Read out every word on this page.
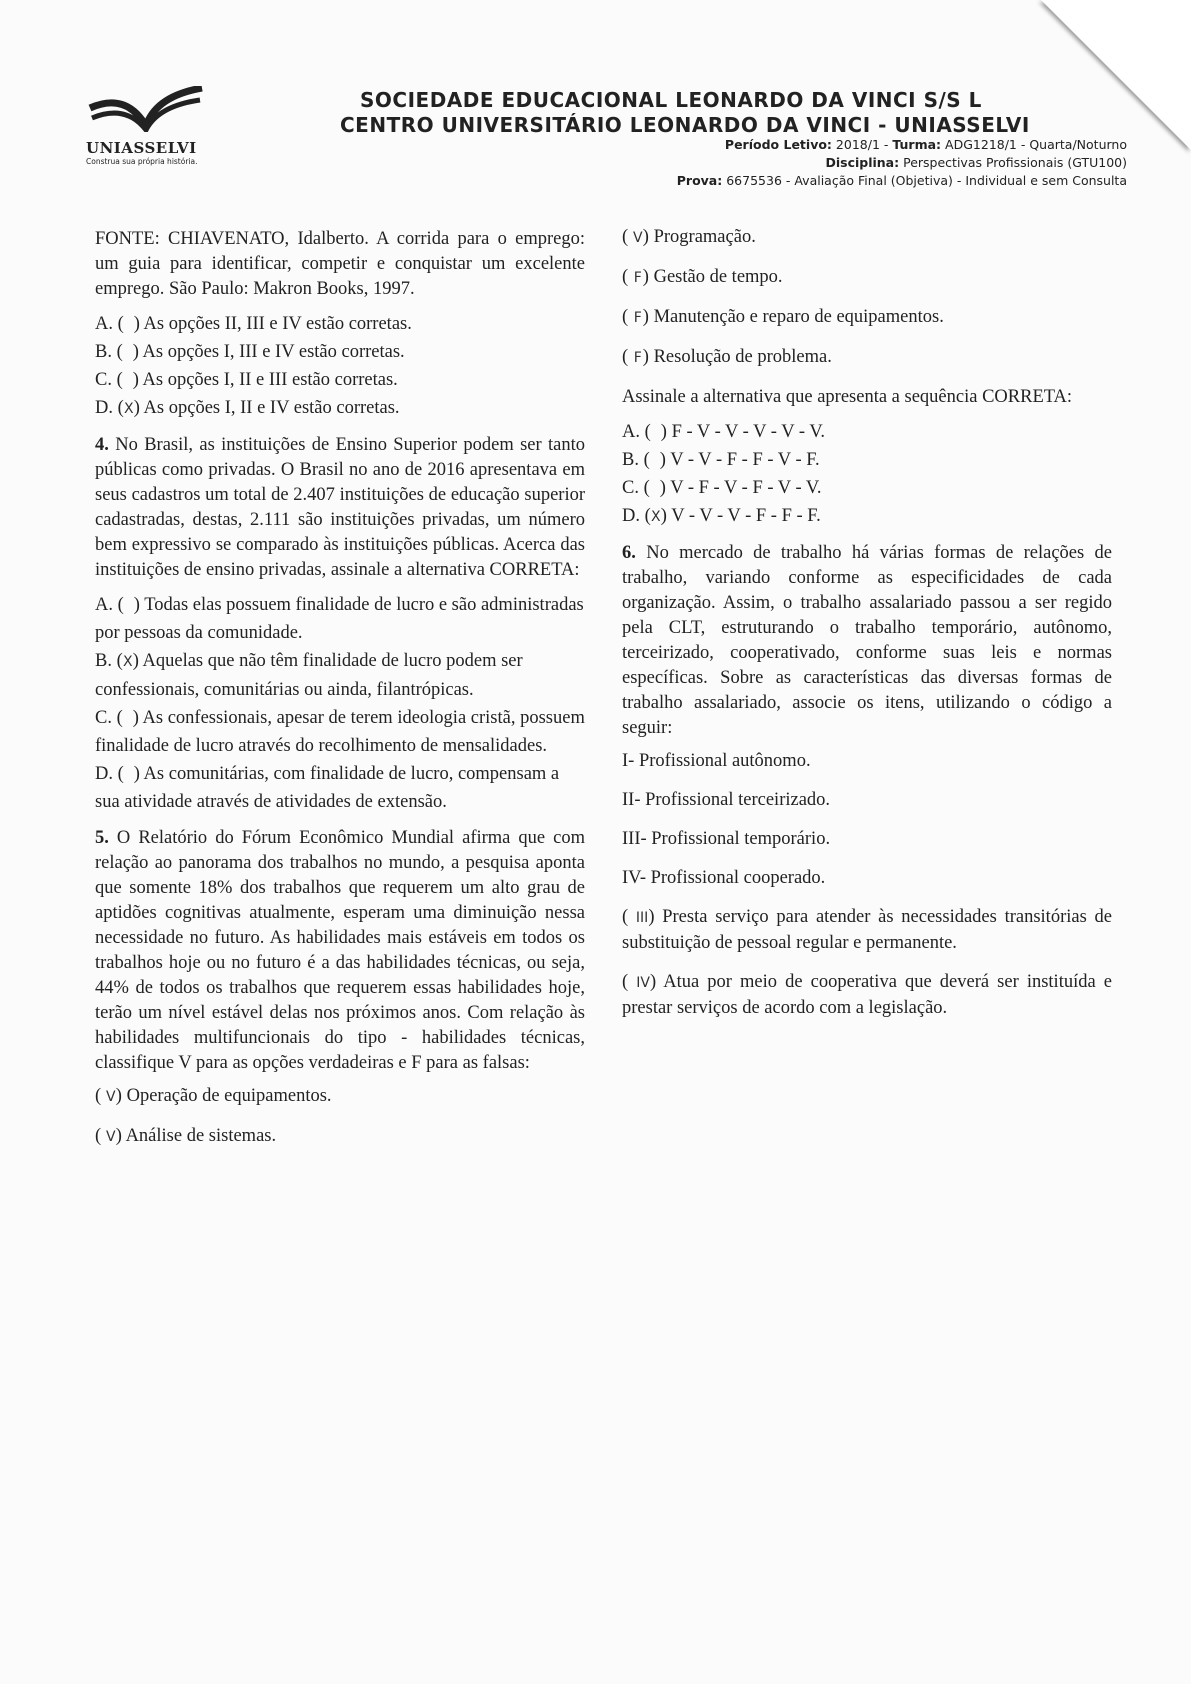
UNIASSELVI
Construa sua própria história.
SOCIEDADE EDUCACIONAL LEONARDO DA VINCI S/S L
CENTRO UNIVERSITÁRIO LEONARDO DA VINCI - UNIASSELVI
Período Letivo: 2018/1 - Turma: ADG1218/1 - Quarta/Noturno
Disciplina: Perspectivas Profissionais (GTU100)
Prova: 6675536 - Avaliação Final (Objetiva) - Individual e sem Consulta

FONTE: CHIAVENATO, Idalberto. A corrida para o emprego: um guia para identificar, competir e conquistar um excelente emprego. São Paulo: Makron Books, 1997.

A. ( ) As opções II, III e IV estão corretas.
B. ( ) As opções I, III e IV estão corretas.
C. ( ) As opções I, II e III estão corretas.
D. (X) As opções I, II e IV estão corretas.

4. No Brasil, as instituições de Ensino Superior podem ser tanto públicas como privadas. O Brasil no ano de 2016 apresentava em seus cadastros um total de 2.407 instituições de educação superior cadastradas, destas, 2.111 são instituições privadas, um número bem expressivo se comparado às instituições públicas. Acerca das instituições de ensino privadas, assinale a alternativa CORRETA:

A. ( ) Todas elas possuem finalidade de lucro e são administradas por pessoas da comunidade.
B. (X) Aquelas que não têm finalidade de lucro podem ser confessionais, comunitárias ou ainda, filantrópicas.
C. ( ) As confessionais, apesar de terem ideologia cristã, possuem finalidade de lucro através do recolhimento de mensalidades.
D. ( ) As comunitárias, com finalidade de lucro, compensam a sua atividade através de atividades de extensão.

5. O Relatório do Fórum Econômico Mundial afirma que com relação ao panorama dos trabalhos no mundo, a pesquisa aponta que somente 18% dos trabalhos que requerem um alto grau de aptidões cognitivas atualmente, esperam uma diminuição nessa necessidade no futuro. As habilidades mais estáveis em todos os trabalhos hoje ou no futuro é a das habilidades técnicas, ou seja, 44% de todos os trabalhos que requerem essas habilidades hoje, terão um nível estável delas nos próximos anos. Com relação às habilidades multifuncionais do tipo - habilidades técnicas, classifique V para as opções verdadeiras e F para as falsas:

( V) Operação de equipamentos.

( V) Análise de sistemas.

( V) Programação.

( F) Gestão de tempo.

( F) Manutenção e reparo de equipamentos.

( F) Resolução de problema.

Assinale a alternativa que apresenta a sequência CORRETA:

A. ( ) F - V - V - V - V - V.
B. ( ) V - V - F - F - V - F.
C. ( ) V - F - V - F - V - V.
D. (X) V - V - V - F - F - F.

6. No mercado de trabalho há várias formas de relações de trabalho, variando conforme as especificidades de cada organização. Assim, o trabalho assalariado passou a ser regido pela CLT, estruturando o trabalho temporário, autônomo, terceirizado, cooperativado, conforme suas leis e normas específicas. Sobre as características das diversas formas de trabalho assalariado, associe os itens, utilizando o código a seguir:

I- Profissional autônomo.

II- Profissional terceirizado.

III- Profissional temporário.

IV- Profissional cooperado.

( III) Presta serviço para atender às necessidades transitórias de substituição de pessoal regular e permanente.

( IV) Atua por meio de cooperativa que deverá ser instituída e prestar serviços de acordo com a legislação.
